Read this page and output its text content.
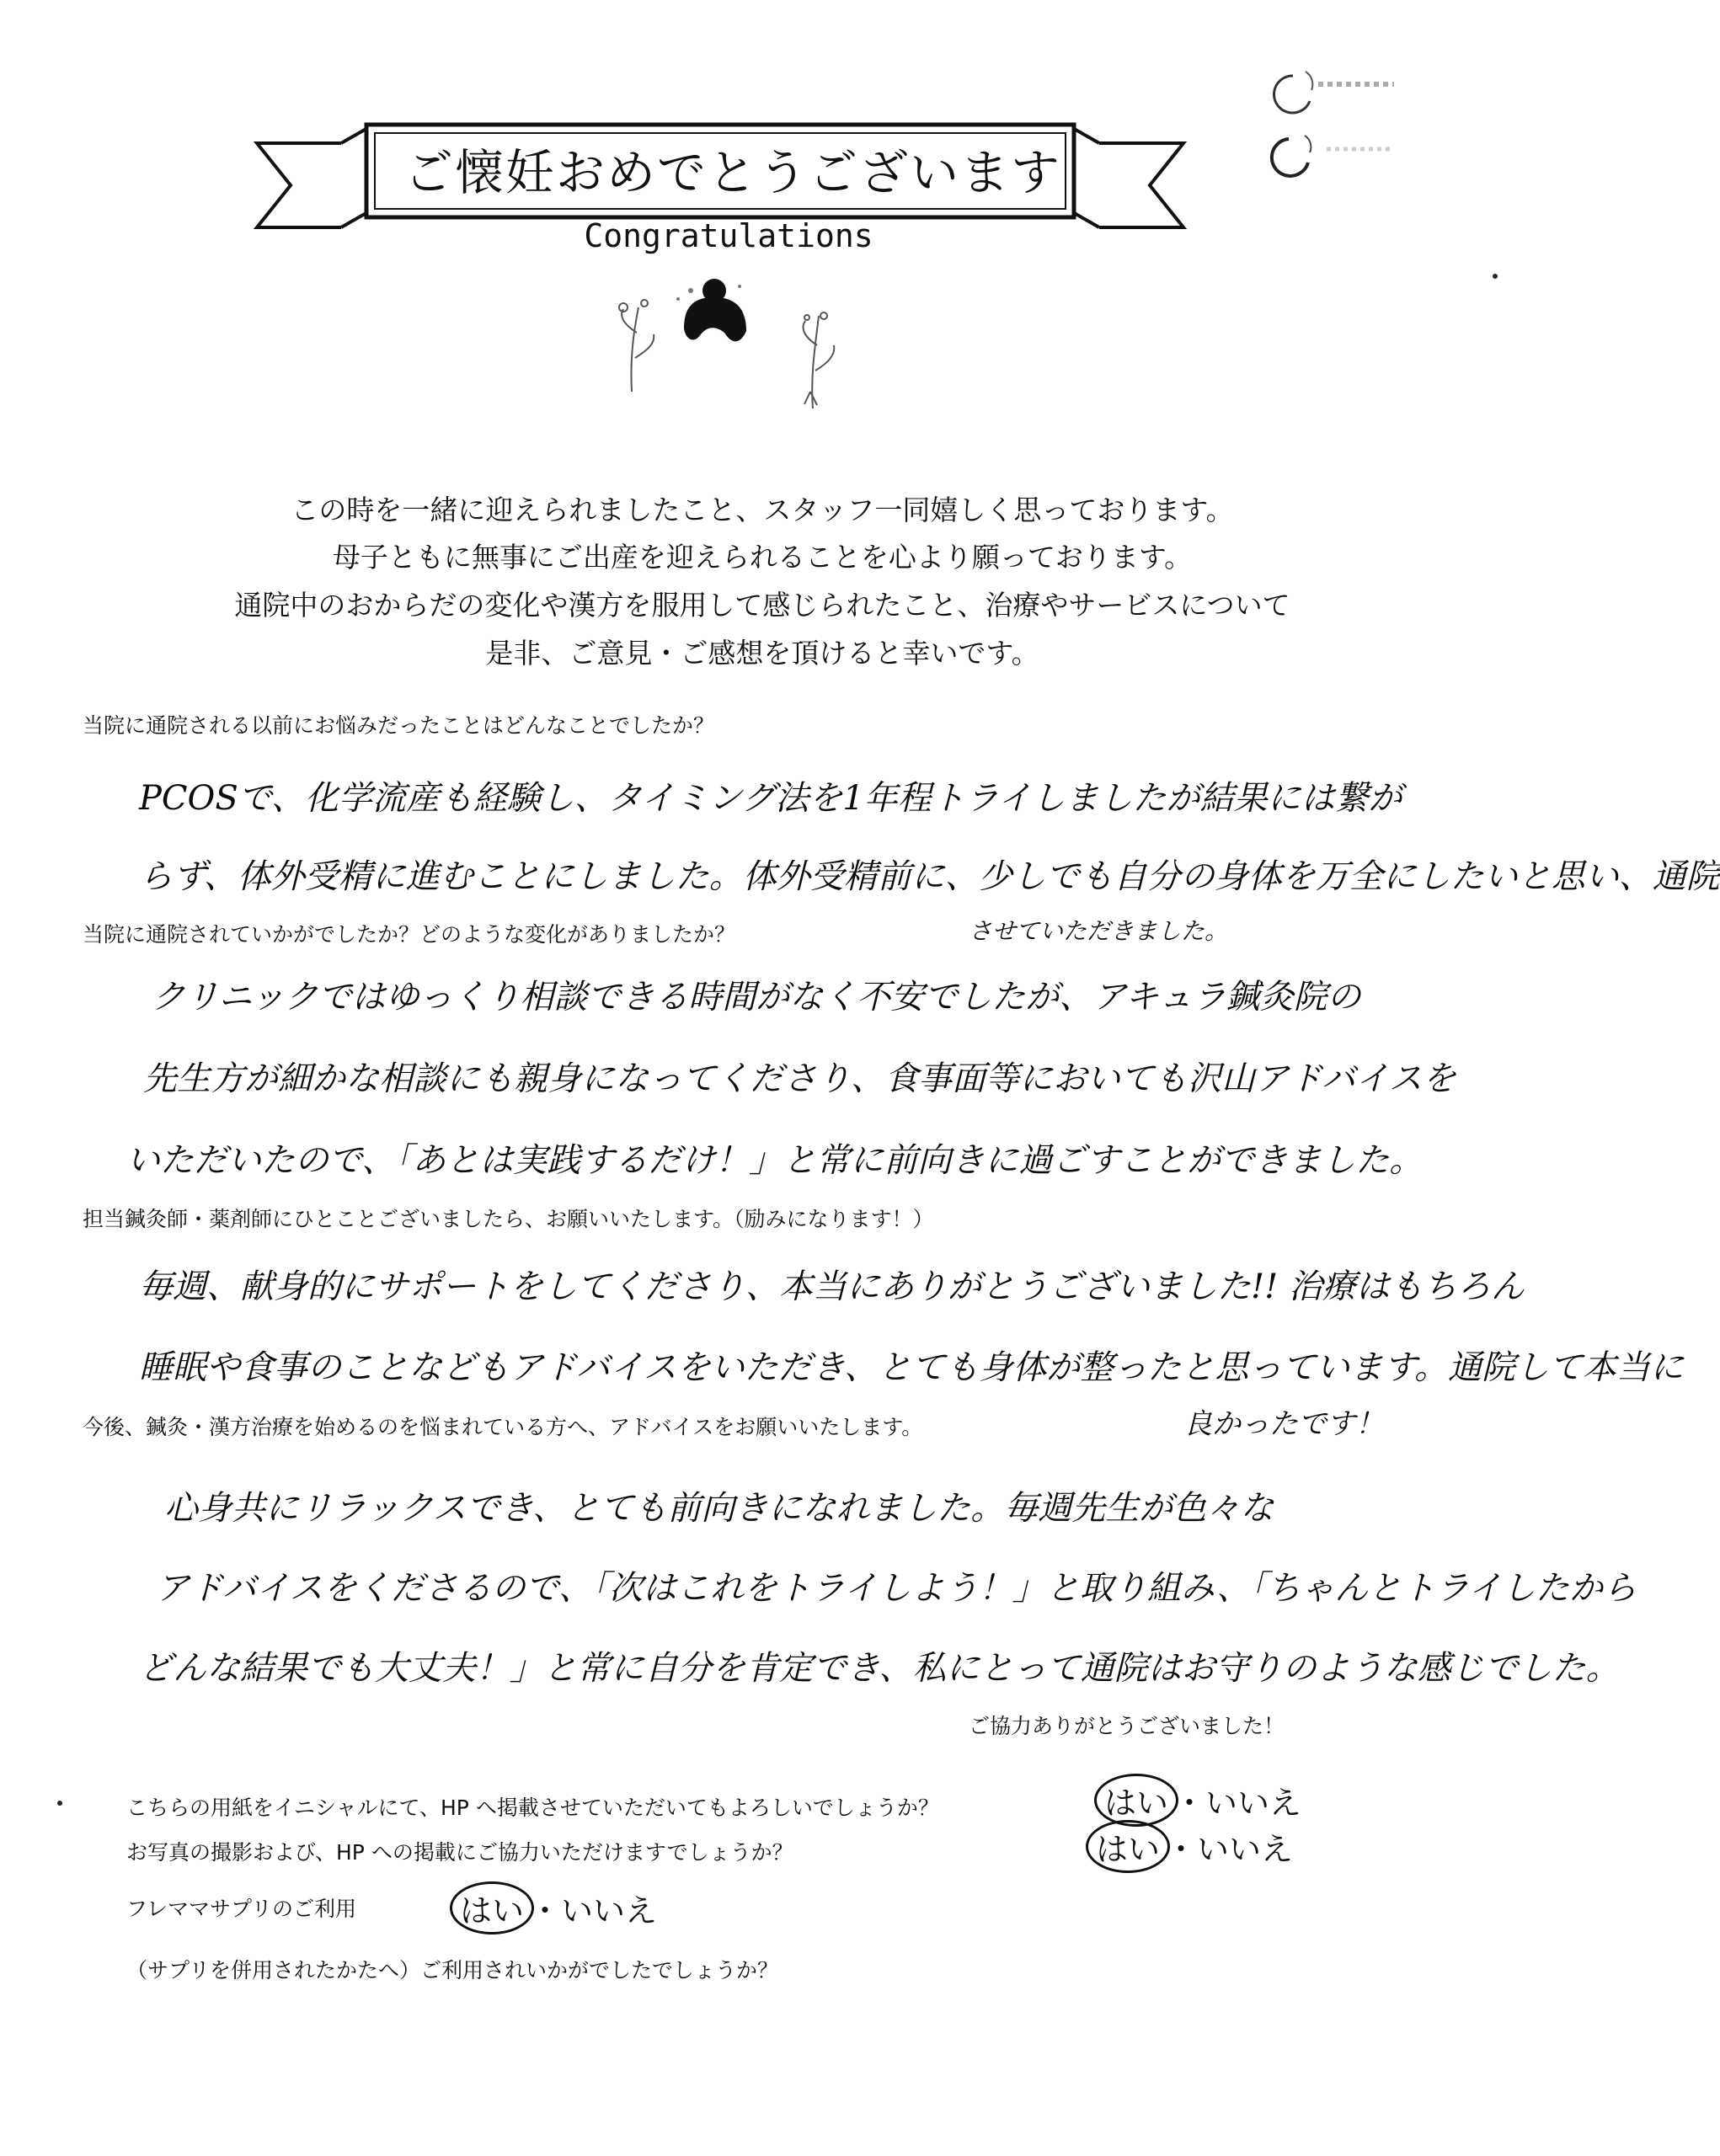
ご懐妊おめでとうございます
Congratulations
この時を一緒に迎えられましたこと、スタッフ一同嬉しく思っております。
母子ともに無事にご出産を迎えられることを心より願っております。
通院中のおからだの変化や漢方を服用して感じられたこと、治療やサービスについて
是非、ご意見・ご感想を頂けると幸いです。
当院に通院される以前にお悩みだったことはどんなことでしたか？
PCOSで、化学流産も経験し、タイミング法を1年程トライしましたが結果には繋が
らず、体外受精に進むことにしました。体外受精前に、少しでも自分の身体を万全にしたいと思い、通院
させていただきました。
当院に通院されていかがでしたか？どのような変化がありましたか？
クリニックではゆっくり相談できる時間がなく不安でしたが、アキュラ鍼灸院の
先生方が細かな相談にも親身になってくださり、食事面等においても沢山アドバイスを
いただいたので、「あとは実践するだけ！」と常に前向きに過ごすことができました。
担当鍼灸師・薬剤師にひとことございましたら、お願いいたします。（励みになります！）
毎週、献身的にサポートをしてくださり、本当にありがとうございました!! 治療はもちろん
睡眠や食事のことなどもアドバイスをいただき、とても身体が整ったと思っています。通院して本当に
良かったです！
今後、鍼灸・漢方治療を始めるのを悩まれている方へ、アドバイスをお願いいたします。
心身共にリラックスでき、とても前向きになれました。毎週先生が色々な
アドバイスをくださるので、「次はこれをトライしよう！」と取り組み、「ちゃんとトライしたから
どんな結果でも大丈夫！」と常に自分を肯定でき、私にとって通院はお守りのような感じでした。
ご協力ありがとうございました！
こちらの用紙をイニシャルにて、HP へ掲載させていただいてもよろしいでしょうか？	はい ・いいえ
お写真の撮影および、HP への掲載にご協力いただけますでしょうか？	はい ・いいえ
フレママサプリのご利用	はい ・いいえ
（サプリを併用されたかたへ）ご利用されいかがでしたでしょうか？
